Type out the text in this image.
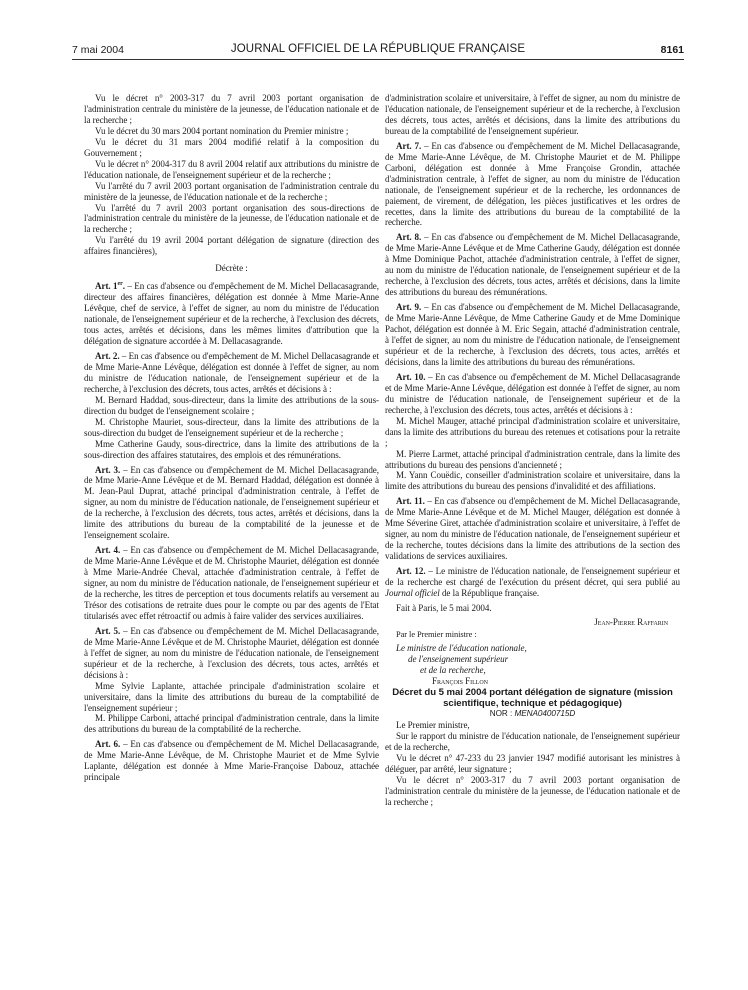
7 mai 2004	JOURNAL OFFICIEL DE LA RÉPUBLIQUE FRANÇAISE	8161

Vu le décret n° 2003-317 du 7 avril 2003 portant organisation de l'administration centrale du ministère de la jeunesse, de l'éducation nationale et de la recherche ;

Vu le décret du 30 mars 2004 portant nomination du Premier ministre ;

Vu le décret du 31 mars 2004 modifié relatif à la composition du Gouvernement ;

Vu le décret n° 2004-317 du 8 avril 2004 relatif aux attributions du ministre de l'éducation nationale, de l'enseignement supérieur et de la recherche ;

Vu l'arrêté du 7 avril 2003 portant organisation de l'administration centrale du ministère de la jeunesse, de l'éducation nationale et de la recherche ;

Vu l'arrêté du 7 avril 2003 portant organisation des sous-directions de l'administration centrale du ministère de la jeunesse, de l'éducation nationale et de la recherche ;

Vu l'arrêté du 19 avril 2004 portant délégation de signature (direction des affaires financières),

Décrète :

Art. 1er. – En cas d'absence ou d'empêchement de M. Michel Dellacasagrande, directeur des affaires financières, délégation est donnée à Mme Marie-Anne Lévêque, chef de service, à l'effet de signer, au nom du ministre de l'éducation nationale, de l'enseignement supérieur et de la recherche, à l'exclusion des décrets, tous actes, arrêtés et décisions, dans les mêmes limites d'attribution que la délégation de signature accordée à M. Dellacasagrande.

Art. 2. – En cas d'absence ou d'empêchement de M. Michel Dellacasagrande et de Mme Marie-Anne Lévêque, délégation est donnée à l'effet de signer, au nom du ministre de l'éducation nationale, de l'enseignement supérieur et de la recherche, à l'exclusion des décrets, tous actes, arrêtés et décisions à :

M. Bernard Haddad, sous-directeur, dans la limite des attributions de la sous-direction du budget de l'enseignement scolaire ;

M. Christophe Mauriet, sous-directeur, dans la limite des attributions de la sous-direction du budget de l'enseignement supérieur et de la recherche ;

Mme Catherine Gaudy, sous-directrice, dans la limite des attributions de la sous-direction des affaires statutaires, des emplois et des rémunérations.

Art. 3. – En cas d'absence ou d'empêchement de M. Michel Dellacasagrande, de Mme Marie-Anne Lévêque et de M. Bernard Haddad, délégation est donnée à M. Jean-Paul Duprat, attaché principal d'administration centrale, à l'effet de signer, au nom du ministre de l'éducation nationale, de l'enseignement supérieur et de la recherche, à l'exclusion des décrets, tous actes, arrêtés et décisions, dans la limite des attributions du bureau de la comptabilité de la jeunesse et de l'enseignement scolaire.

Art. 4. – En cas d'absence ou d'empêchement de M. Michel Dellacasagrande, de Mme Marie-Anne Lévêque et de M. Christophe Mauriet, délégation est donnée à Mme Marie-Andrée Cheval, attachée d'administration centrale, à l'effet de signer, au nom du ministre de l'éducation nationale, de l'enseignement supérieur et de la recherche, les titres de perception et tous documents relatifs au versement au Trésor des cotisations de retraite dues pour le compte ou par des agents de l'Etat titularisés avec effet rétroactif ou admis à faire valider des services auxiliaires.

Art. 5. – En cas d'absence ou d'empêchement de M. Michel Dellacasagrande, de Mme Marie-Anne Lévêque et de M. Christophe Mauriet, délégation est donnée à l'effet de signer, au nom du ministre de l'éducation nationale, de l'enseignement supérieur et de la recherche, à l'exclusion des décrets, tous actes, arrêtés et décisions à :

Mme Sylvie Laplante, attachée principale d'administration scolaire et universitaire, dans la limite des attributions du bureau de la comptabilité de l'enseignement supérieur ;

M. Philippe Carboni, attaché principal d'administration centrale, dans la limite des attributions du bureau de la comptabilité de la recherche.

Art. 6. – En cas d'absence ou d'empêchement de M. Michel Dellacasagrande, de Mme Marie-Anne Lévêque, de M. Christophe Mauriet et de Mme Sylvie Laplante, délégation est donnée à Mme Marie-Françoise Dabouz, attachée principale

d'administration scolaire et universitaire, à l'effet de signer, au nom du ministre de l'éducation nationale, de l'enseignement supérieur et de la recherche, à l'exclusion des décrets, tous actes, arrêtés et décisions, dans la limite des attributions du bureau de la comptabilité de l'enseignement supérieur.

Art. 7. – En cas d'absence ou d'empêchement de M. Michel Dellacasagrande, de Mme Marie-Anne Lévêque, de M. Christophe Mauriet et de M. Philippe Carboni, délégation est donnée à Mme Françoise Grondin, attachée d'administration centrale, à l'effet de signer, au nom du ministre de l'éducation nationale, de l'enseignement supérieur et de la recherche, les ordonnances de paiement, de virement, de délégation, les pièces justificatives et les ordres de recettes, dans la limite des attributions du bureau de la comptabilité de la recherche.

Art. 8. – En cas d'absence ou d'empêchement de M. Michel Dellacasagrande, de Mme Marie-Anne Lévêque et de Mme Catherine Gaudy, délégation est donnée à Mme Dominique Pachot, attachée d'administration centrale, à l'effet de signer, au nom du ministre de l'éducation nationale, de l'enseignement supérieur et de la recherche, à l'exclusion des décrets, tous actes, arrêtés et décisions, dans la limite des attributions du bureau des rémunérations.

Art. 9. – En cas d'absence ou d'empêchement de M. Michel Dellacasagrande, de Mme Marie-Anne Lévêque, de Mme Catherine Gaudy et de Mme Dominique Pachot, délégation est donnée à M. Eric Segain, attaché d'administration centrale, à l'effet de signer, au nom du ministre de l'éducation nationale, de l'enseignement supérieur et de la recherche, à l'exclusion des décrets, tous actes, arrêtés et décisions, dans la limite des attributions du bureau des rémunérations.

Art. 10. – En cas d'absence ou d'empêchement de M. Michel Dellacasagrande et de Mme Marie-Anne Lévêque, délégation est donnée à l'effet de signer, au nom du ministre de l'éducation nationale, de l'enseignement supérieur et de la recherche, à l'exclusion des décrets, tous actes, arrêtés et décisions à :

M. Michel Mauger, attaché principal d'administration scolaire et universitaire, dans la limite des attributions du bureau des retenues et cotisations pour la retraite ;

M. Pierre Larmet, attaché principal d'administration centrale, dans la limite des attributions du bureau des pensions d'ancienneté ;

M. Yann Couëdic, conseiller d'administration scolaire et universitaire, dans la limite des attributions du bureau des pensions d'invalidité et des affiliations.

Art. 11. – En cas d'absence ou d'empêchement de M. Michel Dellacasagrande, de Mme Marie-Anne Lévêque et de M. Michel Mauger, délégation est donnée à Mme Séverine Giret, attachée d'administration scolaire et universitaire, à l'effet de signer, au nom du ministre de l'éducation nationale, de l'enseignement supérieur et de la recherche, toutes décisions dans la limite des attributions de la section des validations de services auxiliaires.

Art. 12. – Le ministre de l'éducation nationale, de l'enseignement supérieur et de la recherche est chargé de l'exécution du présent décret, qui sera publié au Journal officiel de la République française.

Fait à Paris, le 5 mai 2004.

Jean-Pierre Raffarin

Par le Premier ministre :

Le ministre de l'éducation nationale,
de l'enseignement supérieur
et de la recherche,
François Fillon

Décret du 5 mai 2004 portant délégation de signature (mission scientifique, technique et pédagogique)

NOR : MENA0400715D

Le Premier ministre,

Sur le rapport du ministre de l'éducation nationale, de l'enseignement supérieur et de la recherche,

Vu le décret n° 47-233 du 23 janvier 1947 modifié autorisant les ministres à déléguer, par arrêté, leur signature ;

Vu le décret n° 2003-317 du 7 avril 2003 portant organisation de l'administration centrale du ministère de la jeunesse, de l'éducation nationale et de la recherche ;
